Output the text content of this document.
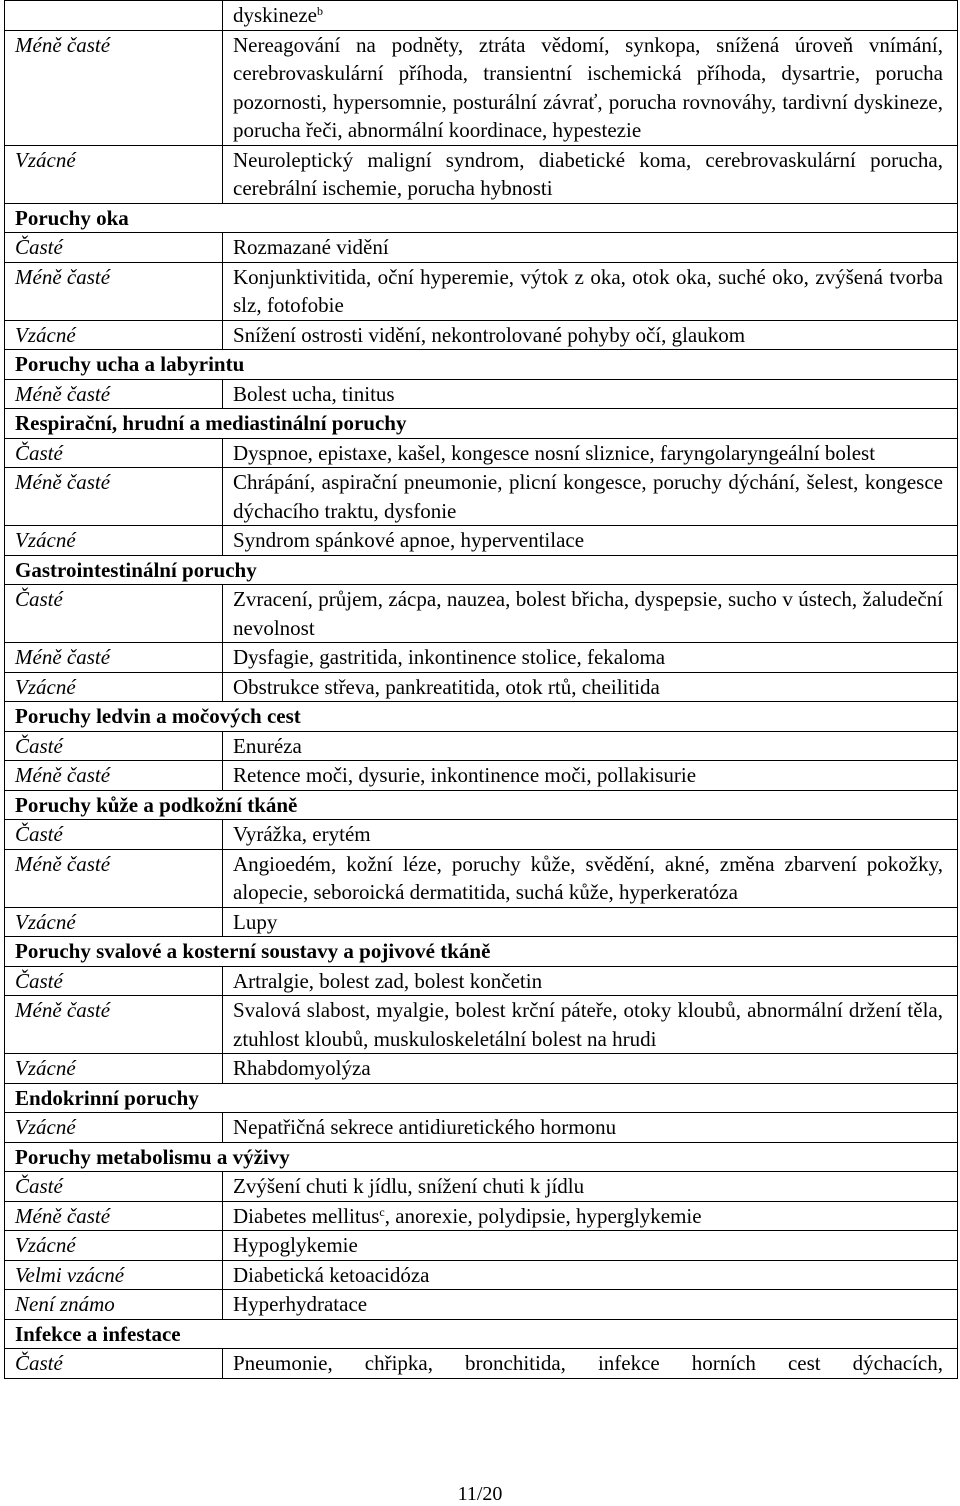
	dyskineze$^b$
Méně časté	Nereagování na podněty, ztráta vědomí, synkopa, snížená úroveň vnímání, cerebrovaskulární příhoda, transientní ischemická příhoda, dysartrie, porucha pozornosti, hypersomnie, posturální závrať, porucha rovnováhy, tardivní dyskineze, porucha řeči, abnormální koordinace, hypestezie
Vzácné	Neuroleptický maligní syndrom, diabetické koma, cerebrovaskulární porucha, cerebrální ischemie, porucha hybnosti
Poruchy oka	
Časté	Rozmazané vidění
Méně časté	Konjunktivitida, oční hyperemie, výtok z oka, otok oka, suché oko, zvýšená tvorba slz, fotofobie
Vzácné	Snížení ostrosti vidění, nekontrolované pohyby očí, glaukom
Poruchy ucha a labyrintu	
Méně časté	Bolest ucha, tinitus
Respirační, hrudní a mediastinální poruchy	
Časté	Dyspnoe, epistaxe, kašel, kongesce nosní sliznice, faryngolaryngeální bolest
Méně časté	Chrápání, aspirační pneumonie, plicní kongesce, poruchy dýchání, šelest, kongesce dýchacího traktu, dysfonie
Vzácné	Syndrom spánkové apnoe, hyperventilace
Gastrointestinální poruchy	
Časté	Zvracení, průjem, zácpa, nauzea, bolest břicha, dyspepsie, sucho v ústech, žaludeční nevolnost
Méně časté	Dysfagie, gastritida, inkontinence stolice, fekaloma
Vzácné	Obstrukce střeva, pankreatitida, otok rtů, cheilitida
Poruchy ledvin a močových cest	
Časté	Enuréza
Méně časté	Retence moči, dysurie, inkontinence moči, pollakisurie
Poruchy kůže a podkožní tkáně	
Časté	Vyrážka, erytém
Méně časté	Angioedém, kožní léze, poruchy kůže, svědění, akné, změna zbarvení pokožky, alopecie, seboroická dermatitida, suchá kůže, hyperkeratóza
Vzácné	Lupy
Poruchy svalové a kosterní soustavy a pojivové tkáně	
Časté	Artralgie, bolest zad, bolest končetin
Méně časté	Svalová slabost, myalgie, bolest krční páteře, otoky kloubů, abnormální držení těla, ztuhlost kloubů, muskuloskeletální bolest na hrudi
Vzácné	Rhabdomyolýza
Endokrinní poruchy	
Vzácné	Nepatřičná sekrece antidiuretického hormonu
Poruchy metabolismu a výživy	
Časté	Zvýšení chuti k jídlu, snížení chuti k jídlu
Méně časté	Diabetes mellitus$^c$, anorexie, polydipsie, hyperglykemie
Vzácné	Hypoglykemie
Velmi vzácné	Diabetická ketoacidóza
Není známo	Hyperhydratace
Infekce a infestace	
Časté	Pneumonie, chřipka, bronchitida, infekce horních cest dýchacích,
11/20
